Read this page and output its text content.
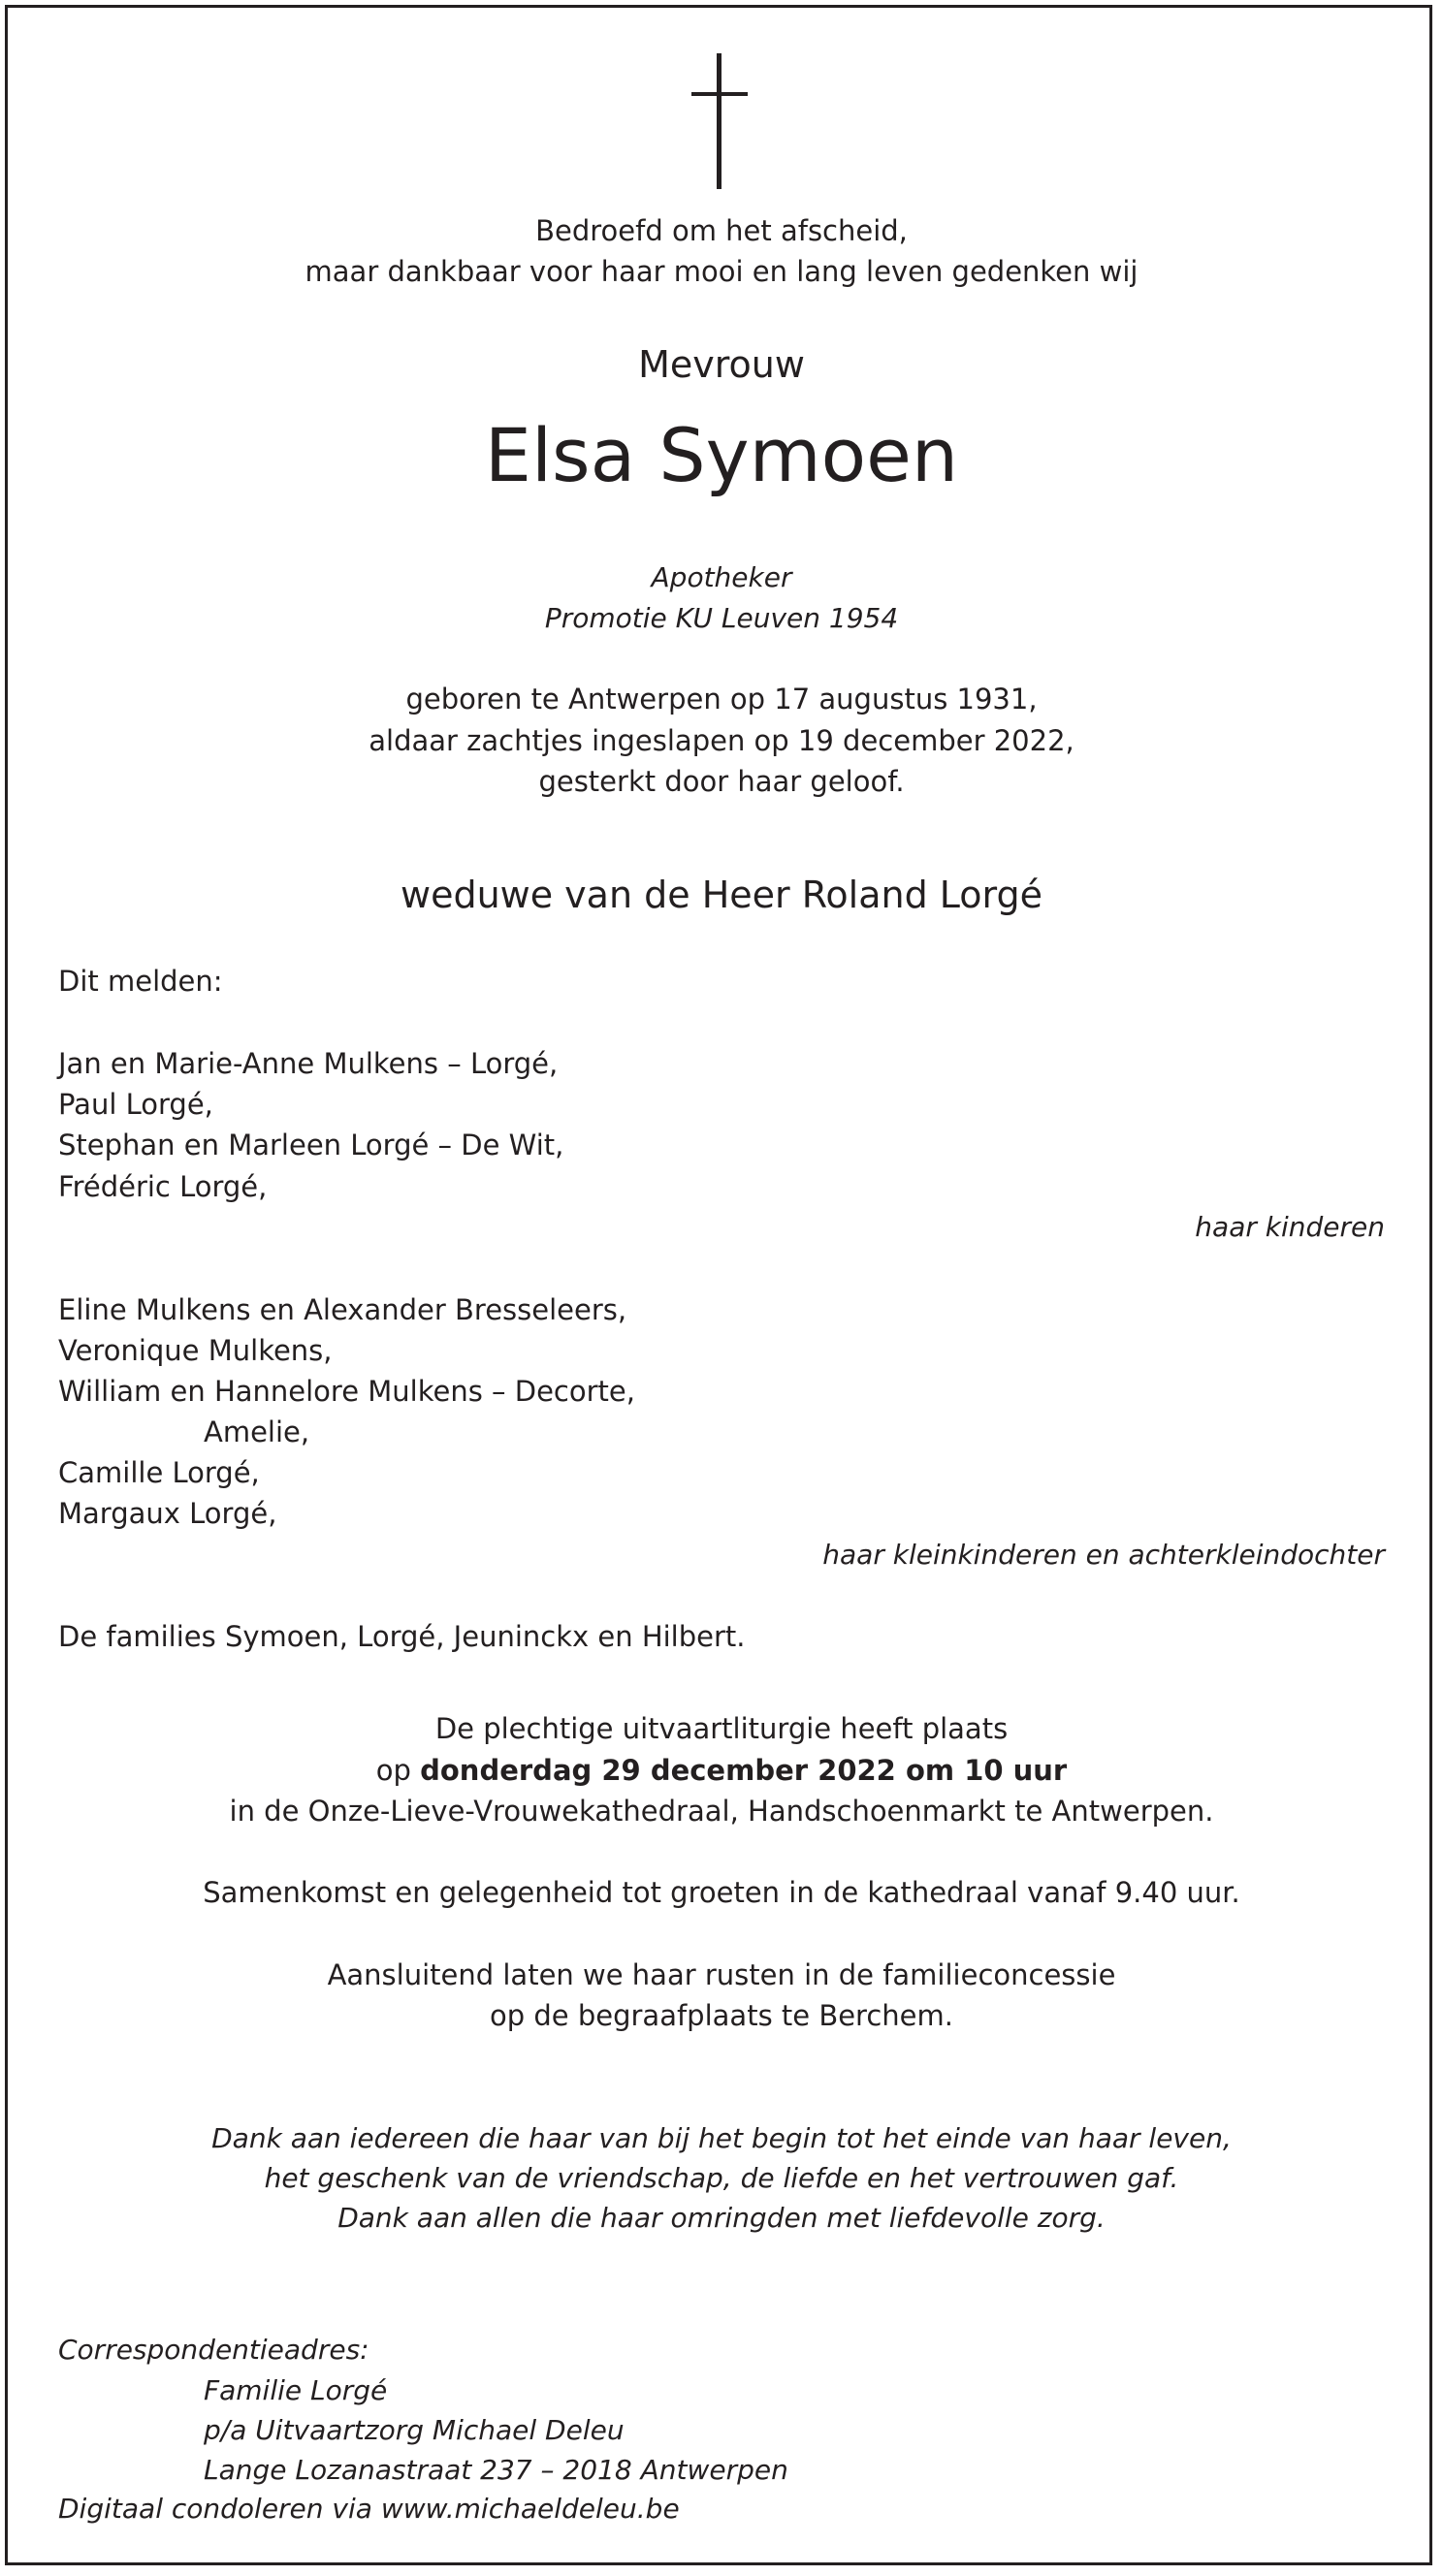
Bedroefd om het afscheid,
maar dankbaar voor haar mooi en lang leven gedenken wij
Mevrouw
Elsa Symoen
Apotheker
Promotie KU Leuven 1954
geboren te Antwerpen op 17 augustus 1931,
aldaar zachtjes ingeslapen op 19 december 2022,
gesterkt door haar geloof.
weduwe van de Heer Roland Lorgé
Dit melden:
Jan en Marie-Anne Mulkens – Lorgé,
Paul Lorgé,
Stephan en Marleen Lorgé – De Wit,
Frédéric Lorgé,
haar kinderen
Eline Mulkens en Alexander Bresseleers,
Veronique Mulkens,
William en Hannelore Mulkens – Decorte,
Amelie,
Camille Lorgé,
Margaux Lorgé,
haar kleinkinderen en achterkleindochter
De families Symoen, Lorgé, Jeuninckx en Hilbert.
De plechtige uitvaartliturgie heeft plaats
op donderdag 29 december 2022 om 10 uur
in de Onze-Lieve-Vrouwekathedraal, Handschoenmarkt te Antwerpen.
Samenkomst en gelegenheid tot groeten in de kathedraal vanaf 9.40 uur.
Aansluitend laten we haar rusten in de familieconcessie
op de begraafplaats te Berchem.
Dank aan iedereen die haar van bij het begin tot het einde van haar leven,
het geschenk van de vriendschap, de liefde en het vertrouwen gaf.
Dank aan allen die haar omringden met liefdevolle zorg.
Correspondentieadres:
Familie Lorgé
p/a Uitvaartzorg Michael Deleu
Lange Lozanastraat 237 – 2018 Antwerpen
Digitaal condoleren via www.michaeldeleu.be
